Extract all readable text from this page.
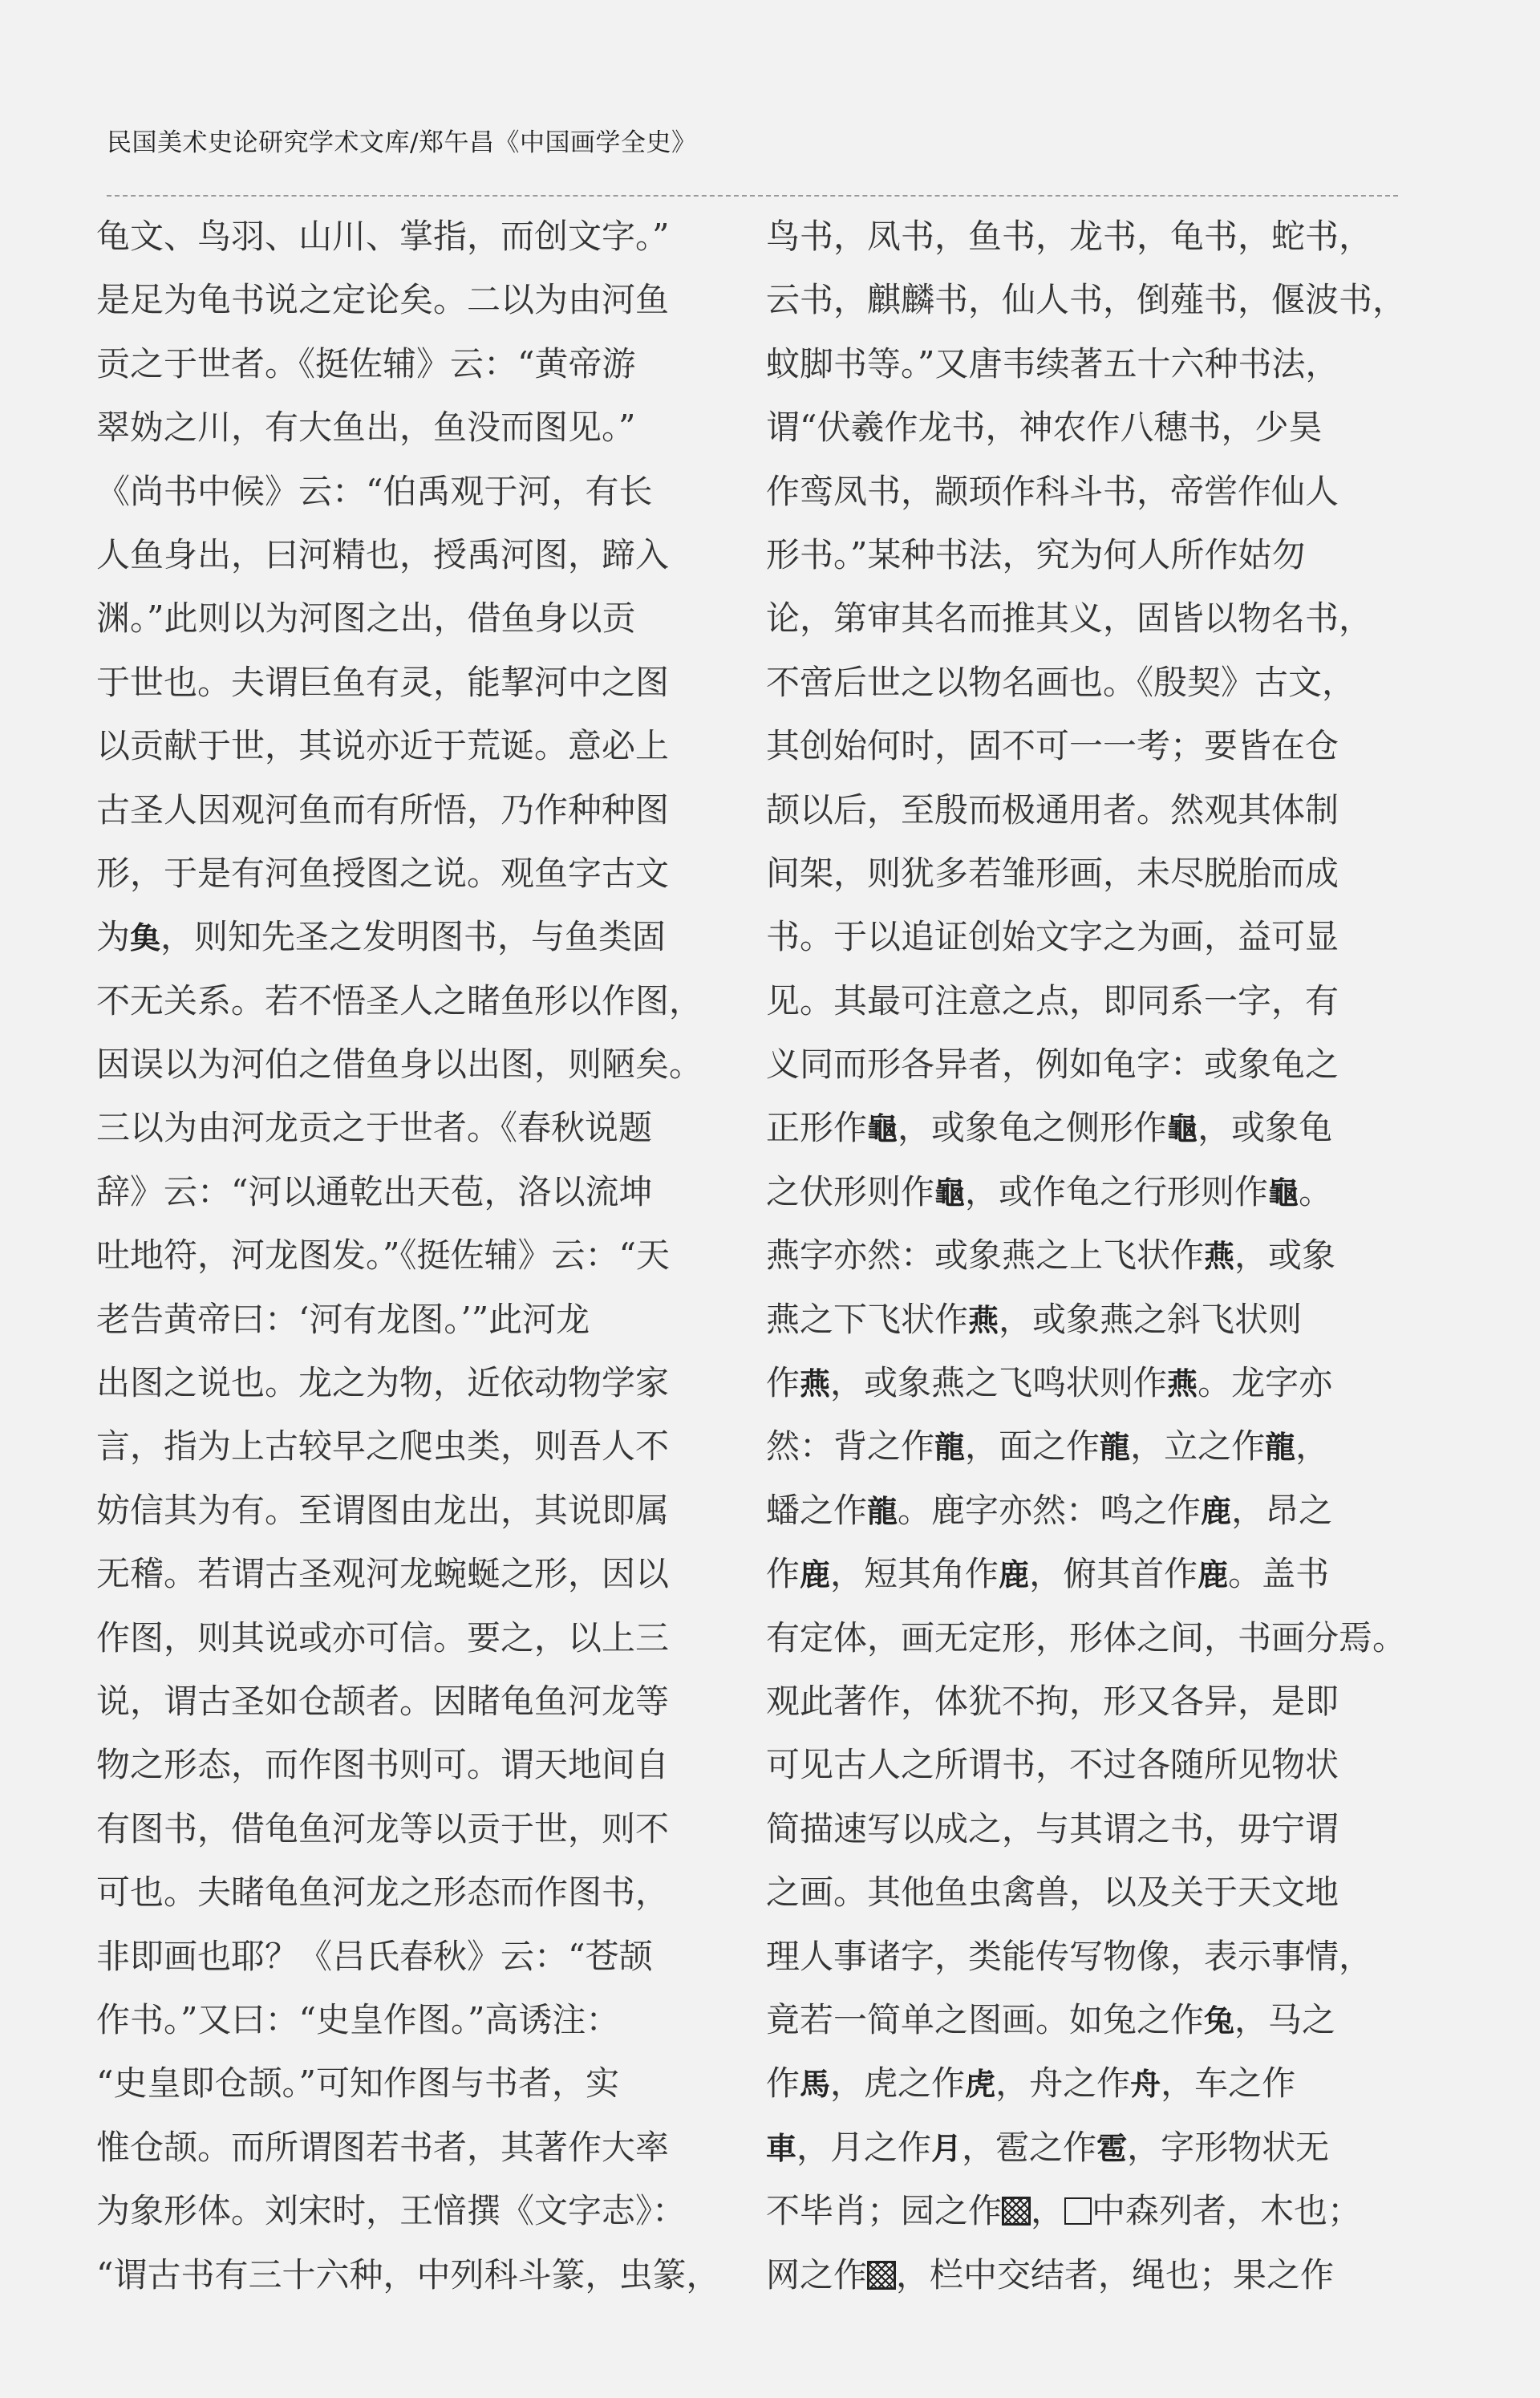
民国美术史论研究学术文库/郑午昌《中国画学全史》
龟文、鸟羽、山川、掌指，而创文字。”
是足为龟书说之定论矣。二以为由河鱼
贡之于世者。《挺佐辅》云：“黄帝游
翠妫之川，有大鱼出，鱼没而图见。”
《尚书中候》云：“伯禹观于河，有长
人鱼身出，曰河精也，授禹河图，蹄入
渊。”此则以为河图之出，借鱼身以贡
于世也。夫谓巨鱼有灵，能挈河中之图
以贡献于世，其说亦近于荒诞。意必上
古圣人因观河鱼而有所悟，乃作种种图
形，于是有河鱼授图之说。观鱼字古文
为𩵋，则知先圣之发明图书，与鱼类固
不无关系。若不悟圣人之睹鱼形以作图，
因误以为河伯之借鱼身以出图，则陋矣。
三以为由河龙贡之于世者。《春秋说题
辞》云：“河以通乾出天苞，洛以流坤
吐地符，河龙图发。”《挺佐辅》云：“天
老告黄帝曰：‘河有龙图。’”此河龙
出图之说也。龙之为物，近依动物学家
言，指为上古较早之爬虫类，则吾人不
妨信其为有。至谓图由龙出，其说即属
无稽。若谓古圣观河龙蜿蜒之形，因以
作图，则其说或亦可信。要之，以上三
说，谓古圣如仓颉者。因睹龟鱼河龙等
物之形态，而作图书则可。谓天地间自
有图书，借龟鱼河龙等以贡于世，则不
可也。夫睹龟鱼河龙之形态而作图书，
非即画也耶？《吕氏春秋》云：“苍颉
作书。”又曰：“史皇作图。”高诱注：
“史皇即仓颉。”可知作图与书者，实
惟仓颉。而所谓图若书者，其著作大率
为象形体。刘宋时，王愔撰《文字志》：
“谓古书有三十六种，中列科斗篆，虫篆，
鸟书，凤书，鱼书，龙书，龟书，蛇书，
云书，麒麟书，仙人书，倒薤书，偃波书，
蚊脚书等。”又唐韦续著五十六种书法，
谓“伏羲作龙书，神农作八穗书，少昊
作鸾凤书，颛顼作科斗书，帝喾作仙人
形书。”某种书法，究为何人所作姑勿
论，第审其名而推其义，固皆以物名书，
不啻后世之以物名画也。《殷契》古文，
其创始何时，固不可一一考；要皆在仓
颉以后，至殷而极通用者。然观其体制
间架，则犹多若雏形画，未尽脱胎而成
书。于以追证创始文字之为画，益可显
见。其最可注意之点，即同系一字，有
义同而形各异者，例如龟字：或象龟之
正形作龜，或象龟之侧形作龜，或象龟
之伏形则作龜，或作龟之行形则作龜。
燕字亦然：或象燕之上飞状作燕，或象
燕之下飞状作燕，或象燕之斜飞状则
作燕，或象燕之飞鸣状则作燕。龙字亦
然：背之作龍，面之作龍，立之作龍，
蟠之作龍。鹿字亦然：鸣之作鹿，昂之
作鹿，短其角作鹿，俯其首作鹿。盖书
有定体，画无定形，形体之间，书画分焉。
观此著作，体犹不拘，形又各异，是即
可见古人之所谓书，不过各随所见物状
简描速写以成之，与其谓之书，毋宁谓
之画。其他鱼虫禽兽，以及关于天文地
理人事诸字，类能传写物像，表示事情，
竟若一简单之图画。如兔之作兔，马之
作馬，虎之作虎，舟之作舟，车之作
車，月之作月，雹之作雹，字形物状无
不毕肖；园之作 ， 中森列者，木也；
网之作 ，栏中交结者，绳也；果之作
